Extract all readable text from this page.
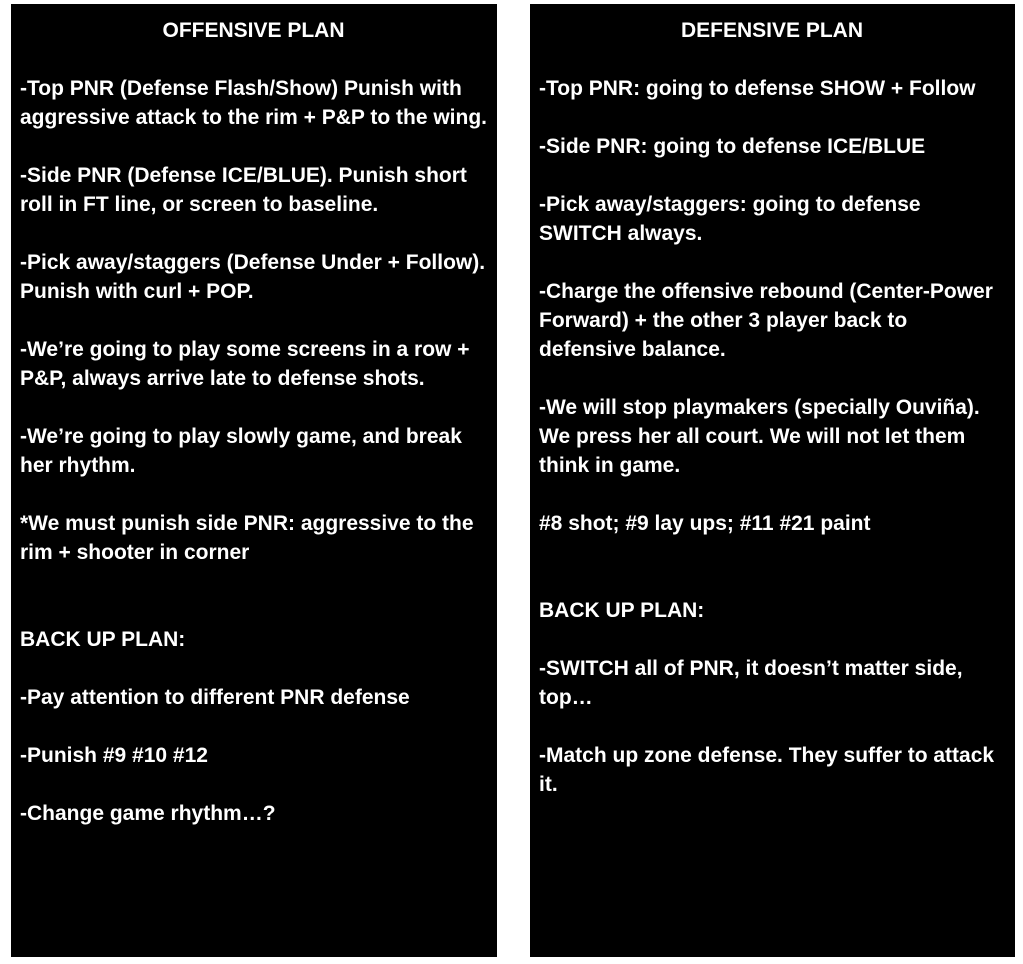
OFFENSIVE PLAN
-Top PNR (Defense Flash/Show) Punish with aggressive attack to the rim + P&P to the wing.
-Side PNR (Defense ICE/BLUE). Punish short roll in FT line, or screen to baseline.
-Pick away/staggers (Defense Under + Follow). Punish with curl + POP.
-We’re going to play some screens in a row + P&P, always arrive late to defense shots.
-We’re going to play slowly game, and break her rhythm.
*We must punish side PNR: aggressive to the rim + shooter in corner
BACK UP PLAN:
-Pay attention to different PNR defense
-Punish #9 #10 #12
-Change game rhythm…?
DEFENSIVE PLAN
-Top PNR: going to defense SHOW + Follow
-Side PNR: going to defense ICE/BLUE
-Pick away/staggers: going to defense SWITCH always.
-Charge the offensive rebound (Center-Power Forward) + the other 3 player back to defensive balance.
-We will stop playmakers (specially Ouviña). We press her all court. We will not let them think in game.
#8 shot; #9 lay ups; #11 #21 paint
BACK UP PLAN:
-SWITCH all of PNR, it doesn’t matter side, top…
-Match up zone defense. They suffer to attack it.
